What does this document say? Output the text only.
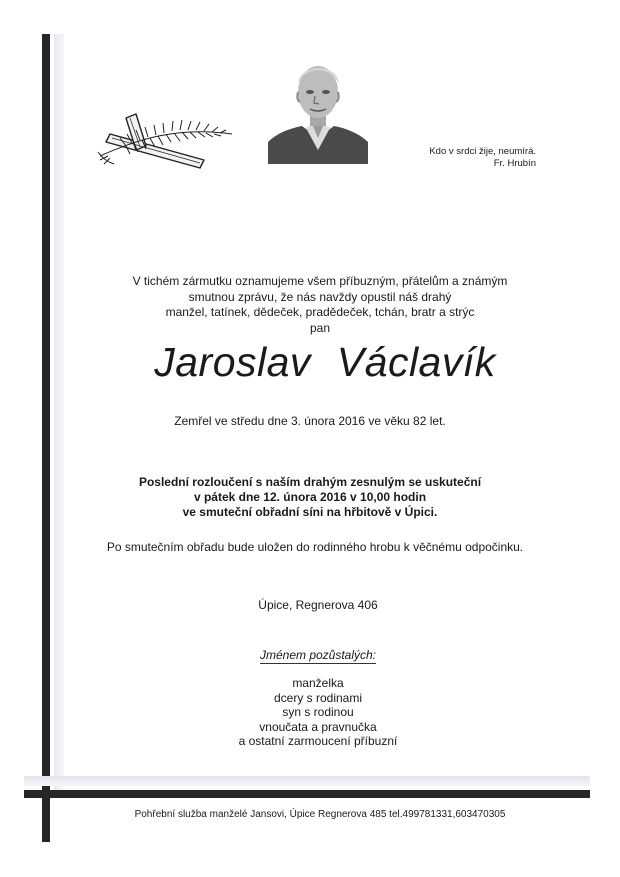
Kdo v srdci žije, neumírá.
Fr. Hrubín
V tichém zármutku oznamujeme všem příbuzným, přátelům a známým
smutnou zprávu, že nás navždy opustil náš drahý
manžel, tatínek, dědeček, pradědeček, tchán, bratr a strýc
pan
Jaroslav Václavík
Zemřel ve středu dne 3. února 2016 ve věku 82 let.
Poslední rozloučení s naším drahým zesnulým se uskuteční
v pátek dne 12. února 2016 v 10,00 hodin
ve smuteční obřadní síni na hřbitově v Úpici.
Po smutečním obřadu bude uložen do rodinného hrobu k věčnému odpočinku.
Úpice, Regnerova 406
Jménem pozůstalých:
manželka
dcery s rodinami
syn s rodinou
vnoučata a pravnučka
a ostatní zarmoucení příbuzní
Pohřební služba manželé Jansovi, Úpice Regnerova 485 tel.499781331,603470305
